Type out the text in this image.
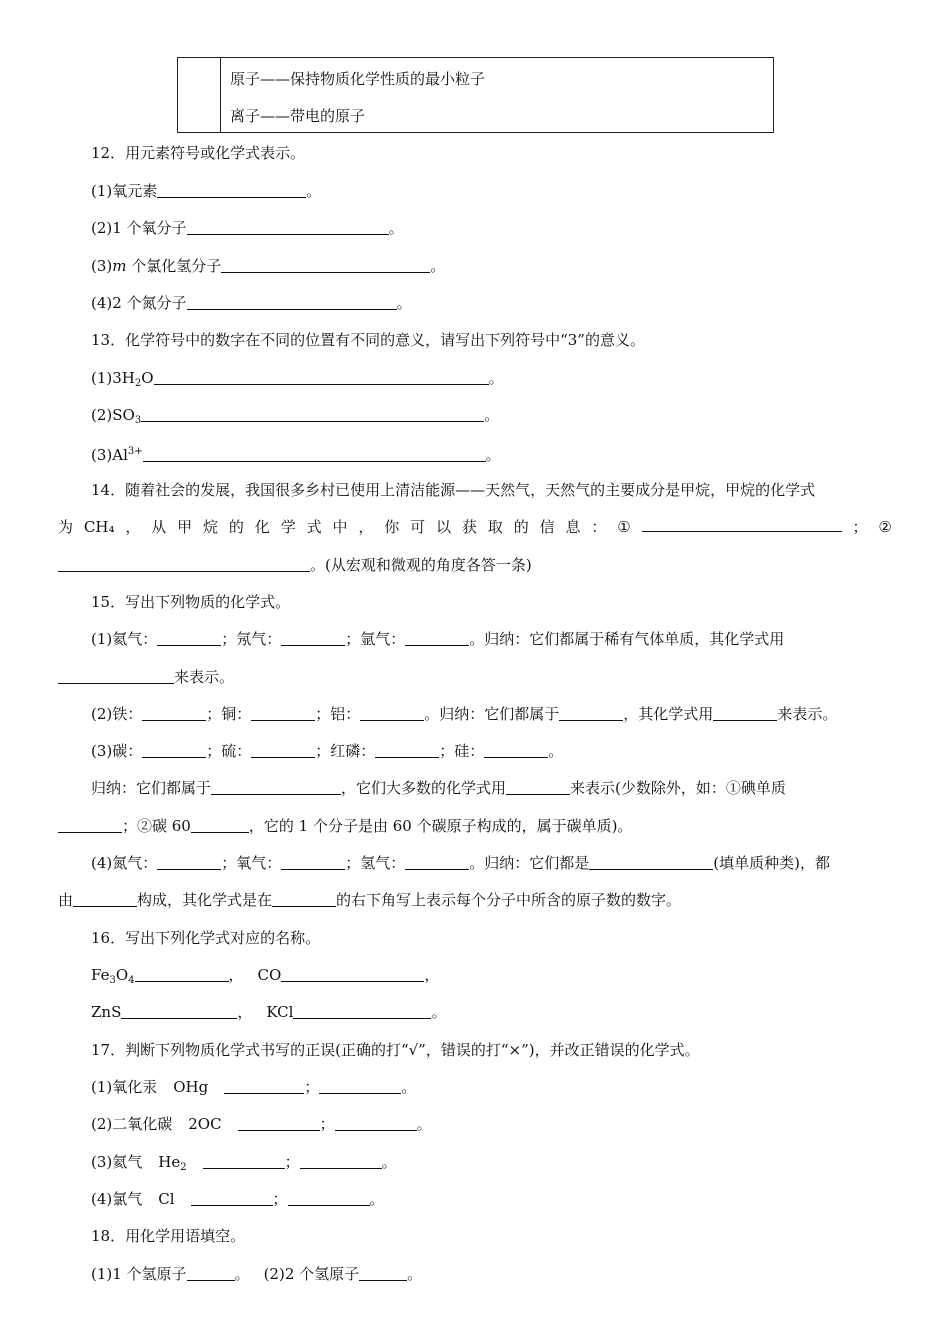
原子——保持物质化学性质的最小粒子
离子——带电的原子
12．用元素符号或化学式表示。
(1)氧元素	。
(2)1 个氧分子	。
(3)m 个氯化氢分子	。
(4)2 个氮分子	。
13．化学符号中的数字在不同的位置有不同的意义，请写出下列符号中“3”的意义。
$(1)3H_2O$	。
$(2)SO_3$	。
$(3)Al^{3+}$	。
14．随着社会的发展，我国很多乡村已使用上清洁能源——天然气，天然气的主要成分是甲烷，甲烷的化学式
为 CH₄ ， 从 甲 烷 的 化 学 式 中 ， 你 可 以 获 取 的 信 息 ： ①	； ②
。(从宏观和微观的角度各答一条)
15．写出下列物质的化学式。
(1)氦气：	；氖气：	；氩气：	。归纳：它们都属于稀有气体单质，其化学式用
来表示。
(2)铁：	；铜：	；铝：	。归纳：它们都属于	，其化学式用	来表示。
(3)碳：	；硫：	；红磷：	；硅：	。
归纳：它们都属于	，它们大多数的化学式用	来表示(少数除外，如：①碘单质
；②碳 60	，它的 1 个分子是由 60 个碳原子构成的，属于碳单质)。
(4)氮气：	；氧气：	；氢气：	。归纳：它们都是	(填单质种类)，都
由	构成，其化学式是在	的右下角写上表示每个分子中所含的原子数的数字。
16．写出下列化学式对应的名称。
$Fe_3O_4$	， CO	，
ZnS	， KCl	。
17．判断下列物质化学式书写的正误(正确的打“√”，错误的打“×”)，并改正错误的化学式。
(1)氧化汞 OHg	；	。
(2)二氧化碳 2OC	；	。
(3)氦气 $He_2$	；	。
(4)氯气 Cl	；	。
18．用化学用语填空。
(1)1 个氢原子	。 (2)2 个氢原子	。
